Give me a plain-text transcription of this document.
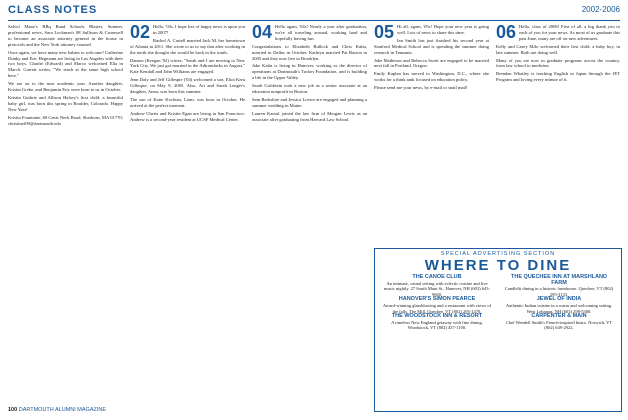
CLASS NOTES	2002-2006

Salvol Mano's BBq Band Schools Blaster, Sumner, professional news, Sara Lockman's 08 Sullivan & Cromwell to become an associate attorney general in the house in protocols and the New York attorney counsel.

Once again, we have many new babies to welcome! Catherine Dunky and Eric Hegmann are living in Los Angeles with their two boys. Charlie (Edward) and Marco welcomed Ella in March. Garrett writes, "We teach at the same high school here."

We are on to the next academic year. Another daughter, Kristin Grebe, and Benjamin Eric were born to us in October.

Kristin Guthrie and Allison Halsey's first child, a beautiful baby girl, was born this spring in Boulder, Colorado. Happy New Year!

Kristin Fountaine, 68 Great Neck Road, Sherborn, MA 01770; christinef09@dartmouth.edu

02 Hello, '03s. I hope lots of happy news is upon you in 2007!

Rachel A. Castell married Jack M. her hometown of Atlanta in 2011. She wrote to us to say that after working in the north she thought she would be back in the south.

Damon (Keegan '02) writes, "Sarah and I are moving to New York City. We just got married in the Adirondacks in August." Kate Kendall and John Williams are engaged.

Jenn Daly and Jeff Gillespie ('04) welcomed a son, Eliot Kent Gillespie, on May 9, 2005. Also, Ari and Sarah Lenger's daughter, Anna, was born this summer.

The son of Katie Kochian, Liam, was born in October. He arrived at the perfect moment.

Andrew Cheris and Kristin Egan are living in San Francisco. Andrew is a second-year resident at UCSF Medical Center.

04 Hello again, '04s! Nearly a year after graduation, we're all traveling around, working hard and hopefully having fun.

Congratulations to Elizabeth Bullock and Chris Kuhn, married in Dallas in October. Kathryn married Pat Burton in 2005 and they now live in Brooklyn.

Jake Kalin is living in Hanover, working as the director of operations at Dartmouth's Tucker Foundation, and is building a life in the Upper Valley.

Sarah Goldstein took a new job as a senior associate at an education nonprofit in Boston.

Sam Berkshire and Jessica Loewe are engaged and planning a summer wedding in Maine.

Lauren Kassul joined the law firm of Morgan Lewis as an associate after graduating from Harvard Law School.

05 Hi all, again, '05s! Hope your new year is going well. Lots of news to share this time.

Ian Smith has just finished his second year at Stanford Medical School and is spending the summer doing research in Tanzania.

Jake Matheson and Rebecca Swett are engaged to be married next fall in Portland, Oregon.

Emily Kaplan has moved to Washington, D.C., where she works for a think tank focused on education policy.

Please send me your news, by e-mail or snail mail!

06 Hello, class of 2006! First of all, a big thank you to each of you for your news. As most of us graduate this past June, many are off on new adventures.

Kelly and Casey Milo welcomed their first child, a baby boy, in late summer. Both are doing well.

Many of you are now in graduate programs across the country, from law school to medicine.

Brendan Whatley is teaching English in Japan through the JET Program and loving every minute of it.

SPECIAL ADVERTISING SECTION
WHERE TO DINE
THE CANOE CLUB
An intimate, casual setting with eclectic cuisine and live music nightly. 27 South Main St., Hanover, NH (603) 643-9660.
HANOVER'S SIMON PEARCE
Award-winning glassblowing and a restaurant with views of the falls. The Mill, Quechee, VT (802) 295-1470.
THE WOODSTOCK INN & RESORT
A timeless New England getaway with fine dining. Woodstock, VT (802) 457-1100.
THE QUECHEE INN AT MARSHLAND FARM
Candlelit dining in a historic farmhouse. Quechee, VT (802) 295-3133.
JEWEL OF INDIA
Authentic Indian cuisine in a warm and welcoming setting. West Lebanon, NH (603) 298-5300.
CARPENTER & MAIN
Chef Wendell Smith's French-inspired bistro. Norwich, VT (802) 649-2922.
100 DARTMOUTH ALUMNI MAGAZINE
